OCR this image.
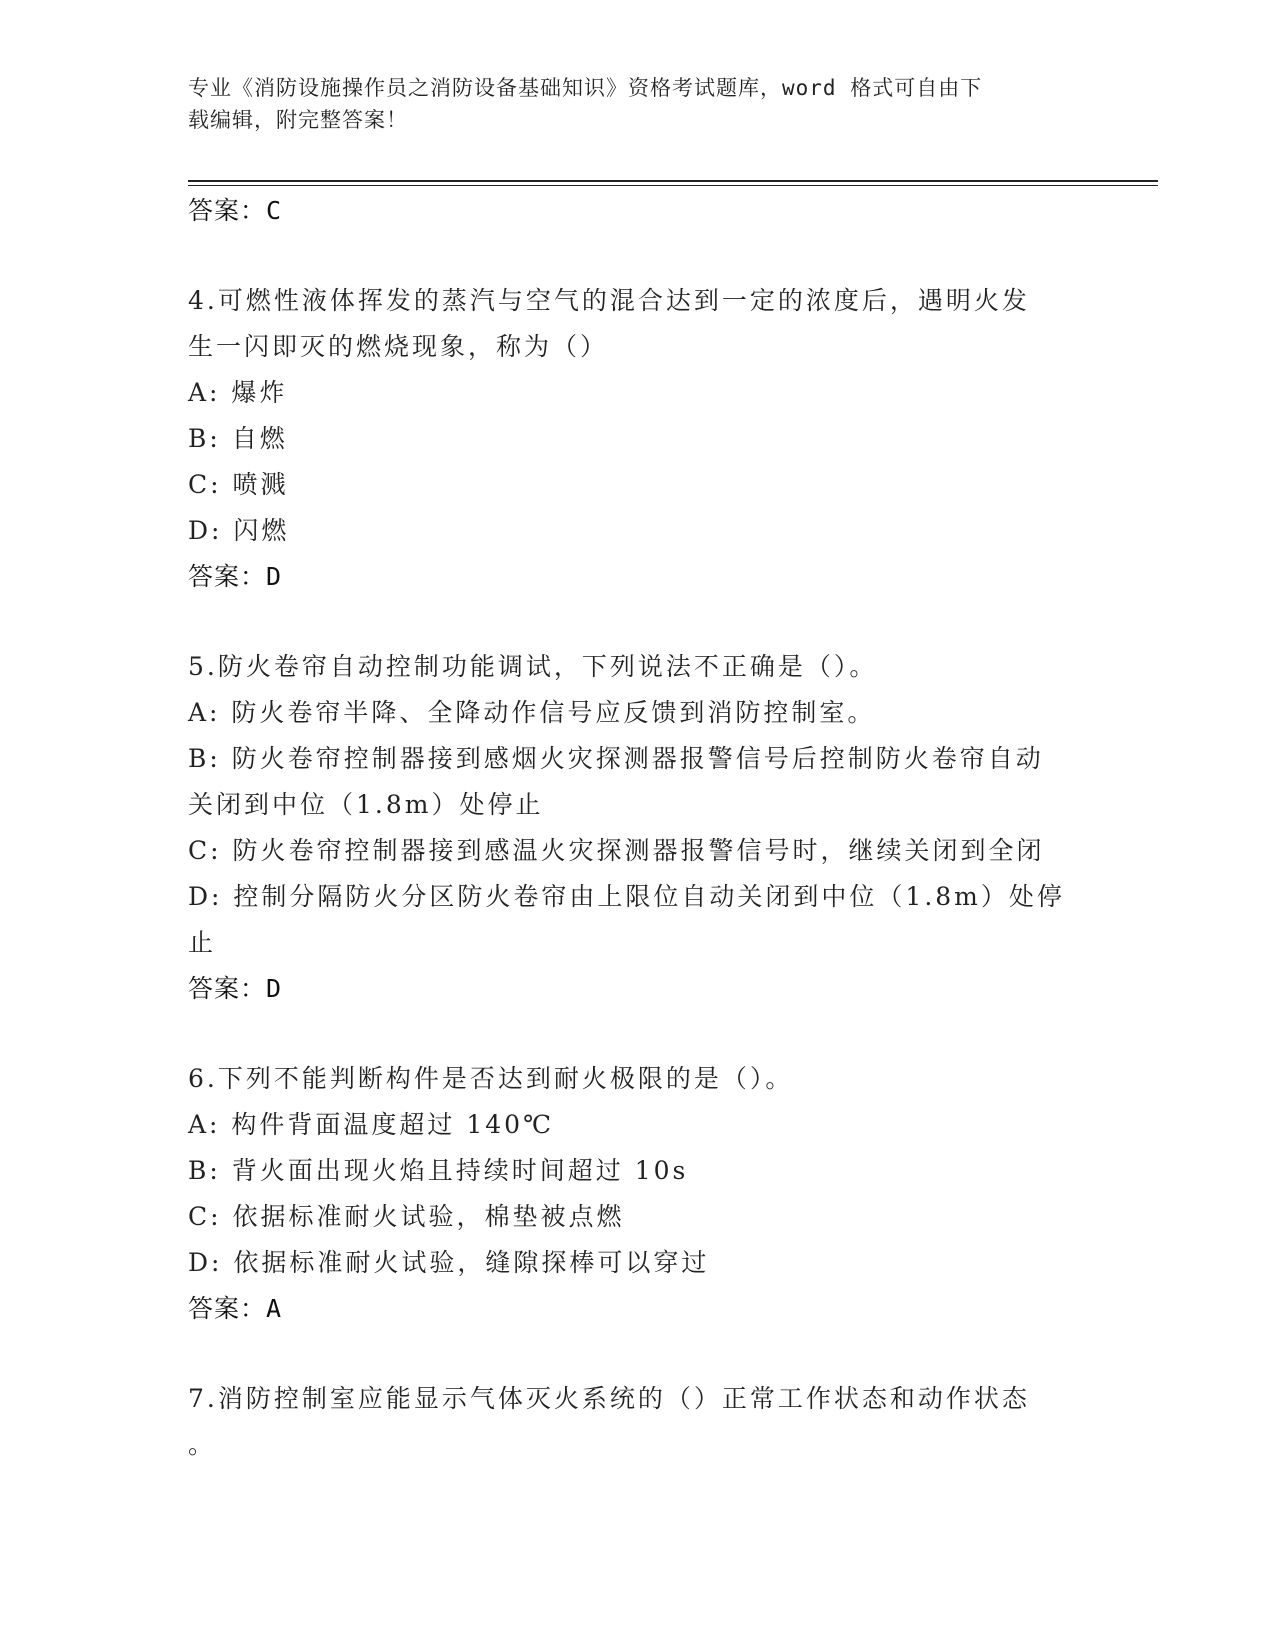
专业《消防设施操作员之消防设备基础知识》资格考试题库，word 格式可自由下
载编辑，附完整答案！
答案：C
4.可燃性液体挥发的蒸汽与空气的混合达到一定的浓度后，遇明火发
生一闪即灭的燃烧现象，称为（）
A: 爆炸
B: 自燃
C: 喷溅
D: 闪燃
答案：D
5.防火卷帘自动控制功能调试，下列说法不正确是（）。
A: 防火卷帘半降、全降动作信号应反馈到消防控制室。
B: 防火卷帘控制器接到感烟火灾探测器报警信号后控制防火卷帘自动
关闭到中位（1.8m）处停止
C: 防火卷帘控制器接到感温火灾探测器报警信号时，继续关闭到全闭
D: 控制分隔防火分区防火卷帘由上限位自动关闭到中位（1.8m）处停
止
答案：D
6.下列不能判断构件是否达到耐火极限的是（）。
A: 构件背面温度超过 140℃
B: 背火面出现火焰且持续时间超过 10s
C: 依据标准耐火试验，棉垫被点燃
D: 依据标准耐火试验，缝隙探棒可以穿过
答案：A
7.消防控制室应能显示气体灭火系统的（）正常工作状态和动作状态
。
